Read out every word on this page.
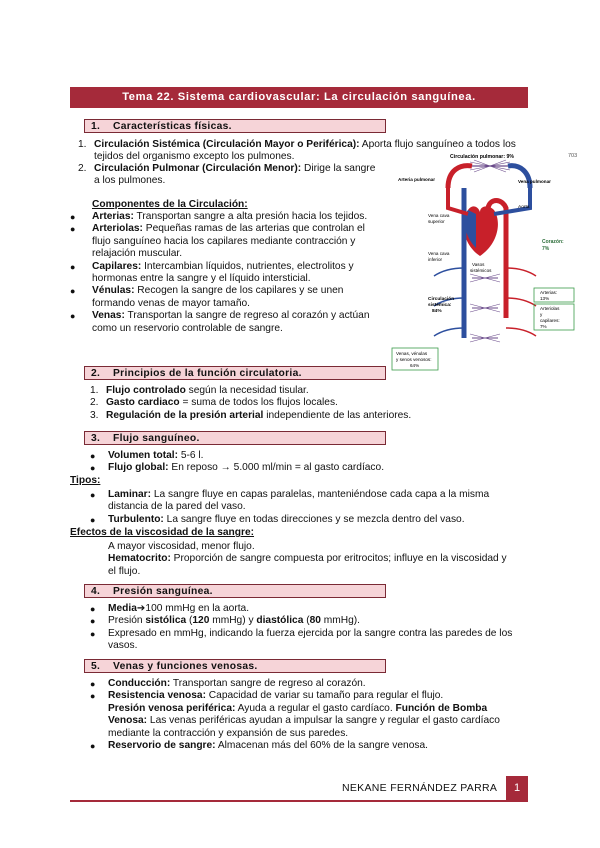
Tema 22. Sistema cardiovascular: La circulación sanguínea.
1. Características físicas.
1. Circulación Sistémica (Circulación Mayor o Periférica): Aporta flujo sanguíneo a todos los
tejidos del organismo excepto los pulmones.
2. Circulación Pulmonar (Circulación Menor): Dirige la sangre
a los pulmones.
Componentes de la Circulación:
● Arterias: Transportan sangre a alta presión hacia los tejidos.
● Arteriolas: Pequeñas ramas de las arterias que controlan el
flujo sanguíneo hacia los capilares mediante contracción y
relajación muscular.
● Capilares: Intercambian líquidos, nutrientes, electrolitos y
hormonas entre la sangre y el líquido intersticial.
● Vénulas: Recogen la sangre de los capilares y se unen
formando venas de mayor tamaño.
● Venas: Transportan la sangre de regreso al corazón y actúan
como un reservorio controlable de sangre.
703
Circulación pulmonar: 9%
Arteria pulmonar	Vena pulmonar
Aorta
Vena cava
superior
Vena cava
inferior
Corazón:
7%
Vasos
sistémicos
Circulación
sistémica:
84%
Arterias:
13%
Arteriolas
y
capilares:
7%
Venas, vénulas
y senos venosos:
64%
2. Principios de la función circulatoria.
1. Flujo controlado según la necesidad tisular.
2. Gasto cardiaco = suma de todos los flujos locales.
3. Regulación de la presión arterial independiente de las anteriores.
3. Flujo sanguíneo.
● Volumen total: 5-6 l.
● Flujo global: En reposo → 5.000 ml/min = al gasto cardíaco.
Tipos:
● Laminar: La sangre fluye en capas paralelas, manteniéndose cada capa a la misma
distancia de la pared del vaso.
● Turbulento: La sangre fluye en todas direcciones y se mezcla dentro del vaso.
Efectos de la viscosidad de la sangre:
A mayor viscosidad, menor flujo.
Hematocrito: Proporción de sangre compuesta por eritrocitos; influye en la viscosidad y
el flujo.
4. Presión sanguínea.
● Media➔100 mmHg en la aorta.
● Presión sistólica (120 mmHg) y diastólica (80 mmHg).
● Expresado en mmHg, indicando la fuerza ejercida por la sangre contra las paredes de los
vasos.
5. Venas y funciones venosas.
● Conducción: Transportan sangre de regreso al corazón.
● Resistencia venosa: Capacidad de variar su tamaño para regular el flujo.
Presión venosa periférica: Ayuda a regular el gasto cardíaco. Función de Bomba
Venosa: Las venas periféricas ayudan a impulsar la sangre y regular el gasto cardíaco
mediante la contracción y expansión de sus paredes.
● Reservorio de sangre: Almacenan más del 60% de la sangre venosa.
NEKANE FERNÁNDEZ PARRA	1
